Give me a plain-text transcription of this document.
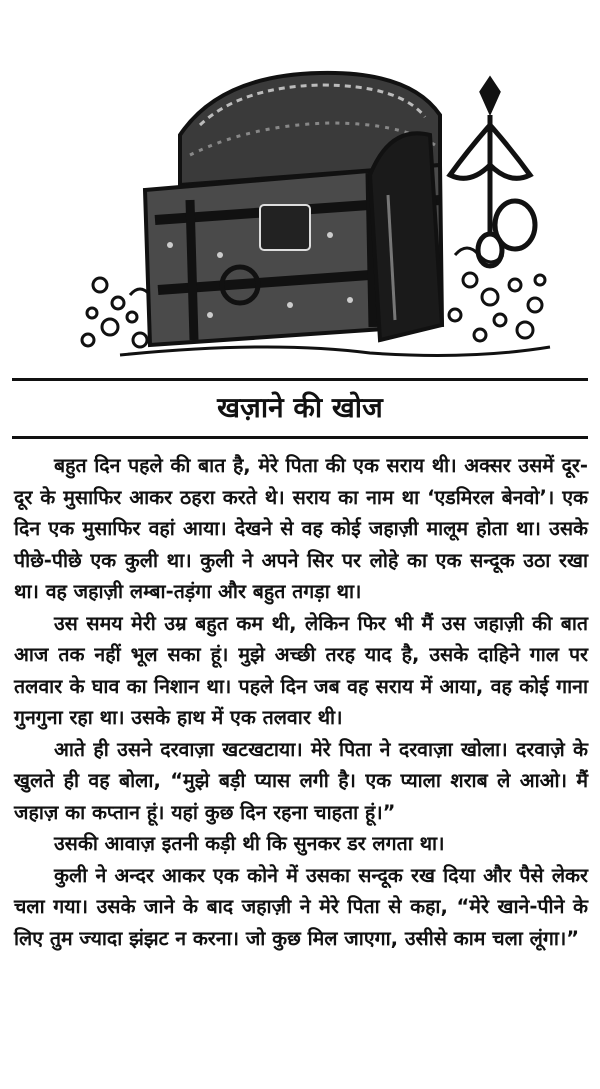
खज़ाने की खोज

बहुत दिन पहले की बात है, मेरे पिता की एक सराय थी। अक्सर उसमें दूर-दूर के मुसाफिर आकर ठहरा करते थे। सराय का नाम था ‘एडमिरल बेनवो’। एक दिन एक मुसाफिर वहां आया। देखने से वह कोई जहाज़ी मालूम होता था। उसके पीछे-पीछे एक कुली था। कुली ने अपने सिर पर लोहे का एक सन्दूक उठा रखा था। वह जहाज़ी लम्बा-तड़ंगा और बहुत तगड़ा था।

उस समय मेरी उम्र बहुत कम थी, लेकिन फिर भी मैं उस जहाज़ी की बात आज तक नहीं भूल सका हूं। मुझे अच्छी तरह याद है, उसके दाहिने गाल पर तलवार के घाव का निशान था। पहले दिन जब वह सराय में आया, वह कोई गाना गुनगुना रहा था। उसके हाथ में एक तलवार थी।

आते ही उसने दरवाज़ा खटखटाया। मेरे पिता ने दरवाज़ा खोला। दरवाज़े के खुलते ही वह बोला, “मुझे बड़ी प्यास लगी है। एक प्याला शराब ले आओ। मैं जहाज़ का कप्तान हूं। यहां कुछ दिन रहना चाहता हूं।”

उसकी आवाज़ इतनी कड़ी थी कि सुनकर डर लगता था।

कुली ने अन्दर आकर एक कोने में उसका सन्दूक रख दिया और पैसे लेकर चला गया। उसके जाने के बाद जहाज़ी ने मेरे पिता से कहा, “मेरे खाने-पीने के लिए तुम ज्यादा झंझट न करना। जो कुछ मिल जाएगा, उसीसे काम चला लूंगा।”
